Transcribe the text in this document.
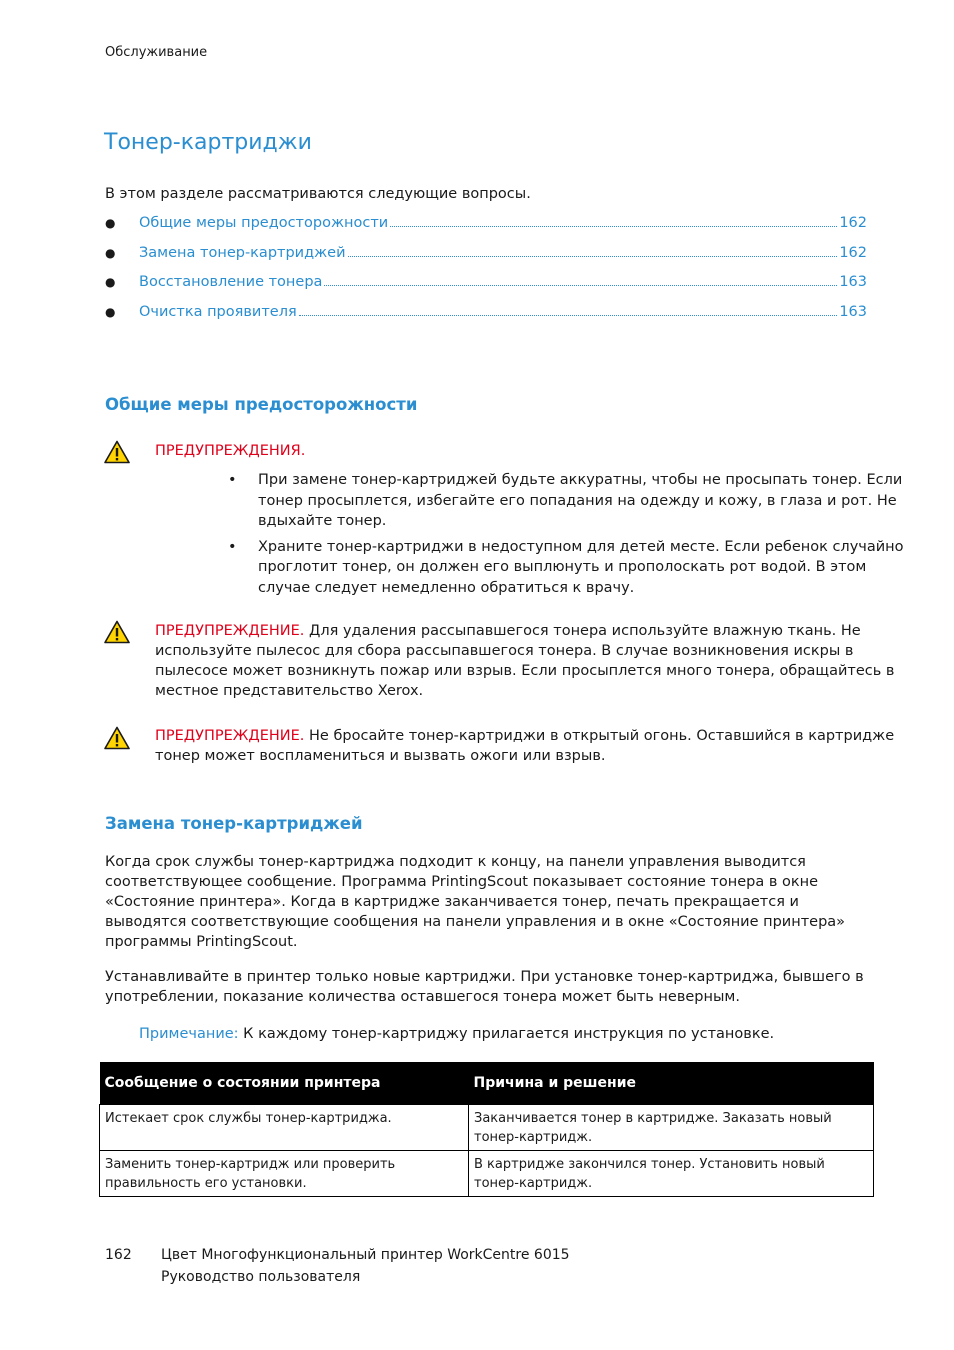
Обслуживание
Тонер-картриджи
В этом разделе рассматриваются следующие вопросы.
● Общие меры предосторожности	162
● Замена тонер-картриджей	162
● Восстановление тонера	163
● Очистка проявителя	163
Общие меры предосторожности
ПРЕДУПРЕЖДЕНИЯ.
• При замене тонер-картриджей будьте аккуратны, чтобы не просыпать тонер. Если тонер просыплется, избегайте его попадания на одежду и кожу, в глаза и рот. Не вдыхайте тонер.
• Храните тонер-картриджи в недоступном для детей месте. Если ребенок случайно проглотит тонер, он должен его выплюнуть и прополоскать рот водой. В этом случае следует немедленно обратиться к врачу.
ПРЕДУПРЕЖДЕНИЕ. Для удаления рассыпавшегося тонера используйте влажную ткань. Не используйте пылесос для сбора рассыпавшегося тонера. В случае возникновения искры в пылесосе может возникнуть пожар или взрыв. Если просыплется много тонера, обращайтесь в местное представительство Xerox.
ПРЕДУПРЕЖДЕНИЕ. Не бросайте тонер-картриджи в открытый огонь. Оставшийся в картридже тонер может воспламениться и вызвать ожоги или взрыв.
Замена тонер-картриджей
Когда срок службы тонер-картриджа подходит к концу, на панели управления выводится соответствующее сообщение. Программа PrintingScout показывает состояние тонера в окне «Состояние принтера». Когда в картридже заканчивается тонер, печать прекращается и выводятся соответствующие сообщения на панели управления и в окне «Состояние принтера» программы PrintingScout.
Устанавливайте в принтер только новые картриджи. При установке тонер-картриджа, бывшего в употреблении, показание количества оставшегося тонера может быть неверным.
Примечание: К каждому тонер-картриджу прилагается инструкция по установке.
Сообщение о состоянии принтера	Причина и решение
Истекает срок службы тонер-картриджа.	Заканчивается тонер в картридже. Заказать новый тонер-картридж.
Заменить тонер-картридж или проверить правильность его установки.	В картридже закончился тонер. Установить новый тонер-картридж.
162 Цвет Многофункциональный принтер WorkCentre 6015
Руководство пользователя
